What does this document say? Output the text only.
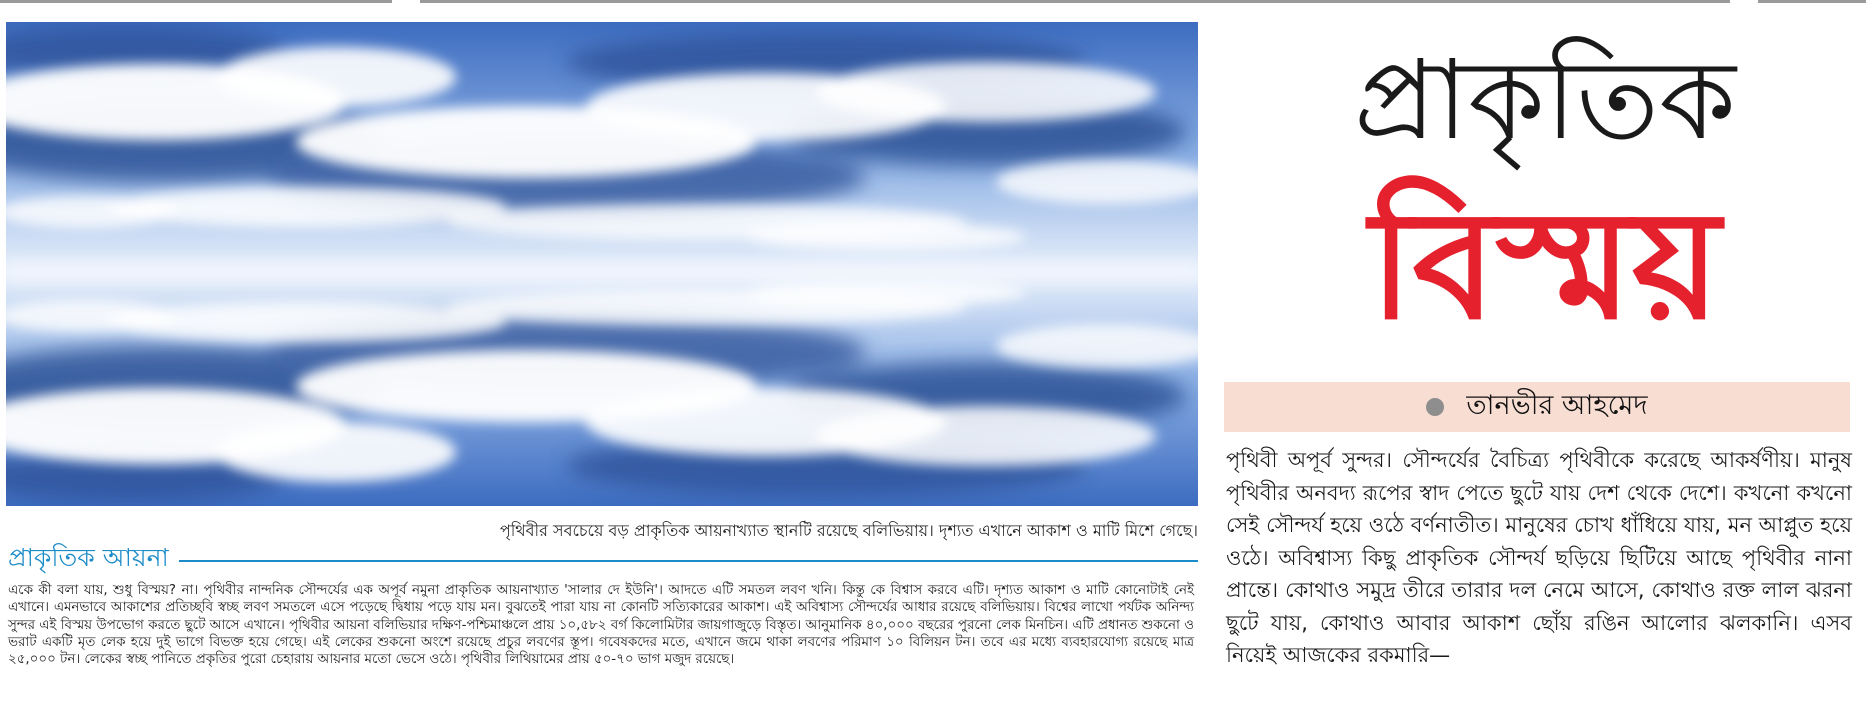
পৃথিবীর সবচেয়ে বড় প্রাকৃতিক আয়নাখ্যাত স্থানটি রয়েছে বলিভিয়ায়। দৃশ্যত এখানে আকাশ ও মাটি মিশে গেছে।
প্রাকৃতিক আয়না
একে কী বলা যায়, শুধু বিস্ময়? না। পৃথিবীর নান্দনিক সৌন্দর্যের এক অপূর্ব নমুনা প্রাকৃতিক আয়নাখ্যাত 'সালার দে ইউনি'। আদতে এটি সমতল লবণ খনি। কিন্তু কে বিশ্বাস করবে এটি। দৃশ্যত আকাশ ও মাটি কোনোটাই নেই এখানে। এমনভাবে আকাশের প্রতিচ্ছবি স্বচ্ছ লবণ সমতলে এসে পড়েছে দ্বিধায় পড়ে যায় মন। বুঝতেই পারা যায় না কোনটি সত্যিকারের আকাশ। এই অবিশ্বাস্য সৌন্দর্যের আধার রয়েছে বলিভিয়ায়। বিশ্বের লাখো পর্যটক অনিন্দ্য সুন্দর এই বিস্ময় উপভোগ করতে ছুটে আসে এখানে। পৃথিবীর আয়না বলিভিয়ার দক্ষিণ-পশ্চিমাঞ্চলে প্রায় ১০,৫৮২ বর্গ কিলোমিটার জায়গাজুড়ে বিস্তৃত। আনুমানিক ৪০,০০০ বছরের পুরনো লেক মিনচিন। এটি প্রধানত শুকনো ও ভরাট একটি মৃত লেক হয়ে দুই ভাগে বিভক্ত হয়ে গেছে। এই লেকের শুকনো অংশে রয়েছে প্রচুর লবণের স্তূপ। গবেষকদের মতে, এখানে জমে থাকা লবণের পরিমাণ ১০ বিলিয়ন টন। তবে এর মধ্যে ব্যবহারযোগ্য রয়েছে মাত্র ২৫,০০০ টন। লেকের স্বচ্ছ পানিতে প্রকৃতির পুরো চেহারায় আয়নার মতো ভেসে ওঠে। পৃথিবীর লিথিয়ামের প্রায় ৫০-৭০ ভাগ মজুদ রয়েছে।
প্রাকৃতিক
বিস্ময়
তানভীর আহমেদ
পৃথিবী অপূর্ব সুন্দর। সৌন্দর্যের বৈচিত্র্য পৃথিবীকে করেছে আকর্ষণীয়। মানুষ পৃথিবীর অনবদ্য রূপের স্বাদ পেতে ছুটে যায় দেশ থেকে দেশে। কখনো কখনো সেই সৌন্দর্য হয়ে ওঠে বর্ণনাতীত। মানুষের চোখ ধাঁধিয়ে যায়, মন আপ্লুত হয়ে ওঠে। অবিশ্বাস্য কিছু প্রাকৃতিক সৌন্দর্য ছড়িয়ে ছিটিয়ে আছে পৃথিবীর নানা প্রান্তে। কোথাও সমুদ্র তীরে তারার দল নেমে আসে, কোথাও রক্ত লাল ঝরনা ছুটে যায়, কোথাও আবার আকাশ ছোঁয় রঙিন আলোর ঝলকানি। এসব নিয়েই আজকের রকমারি—
